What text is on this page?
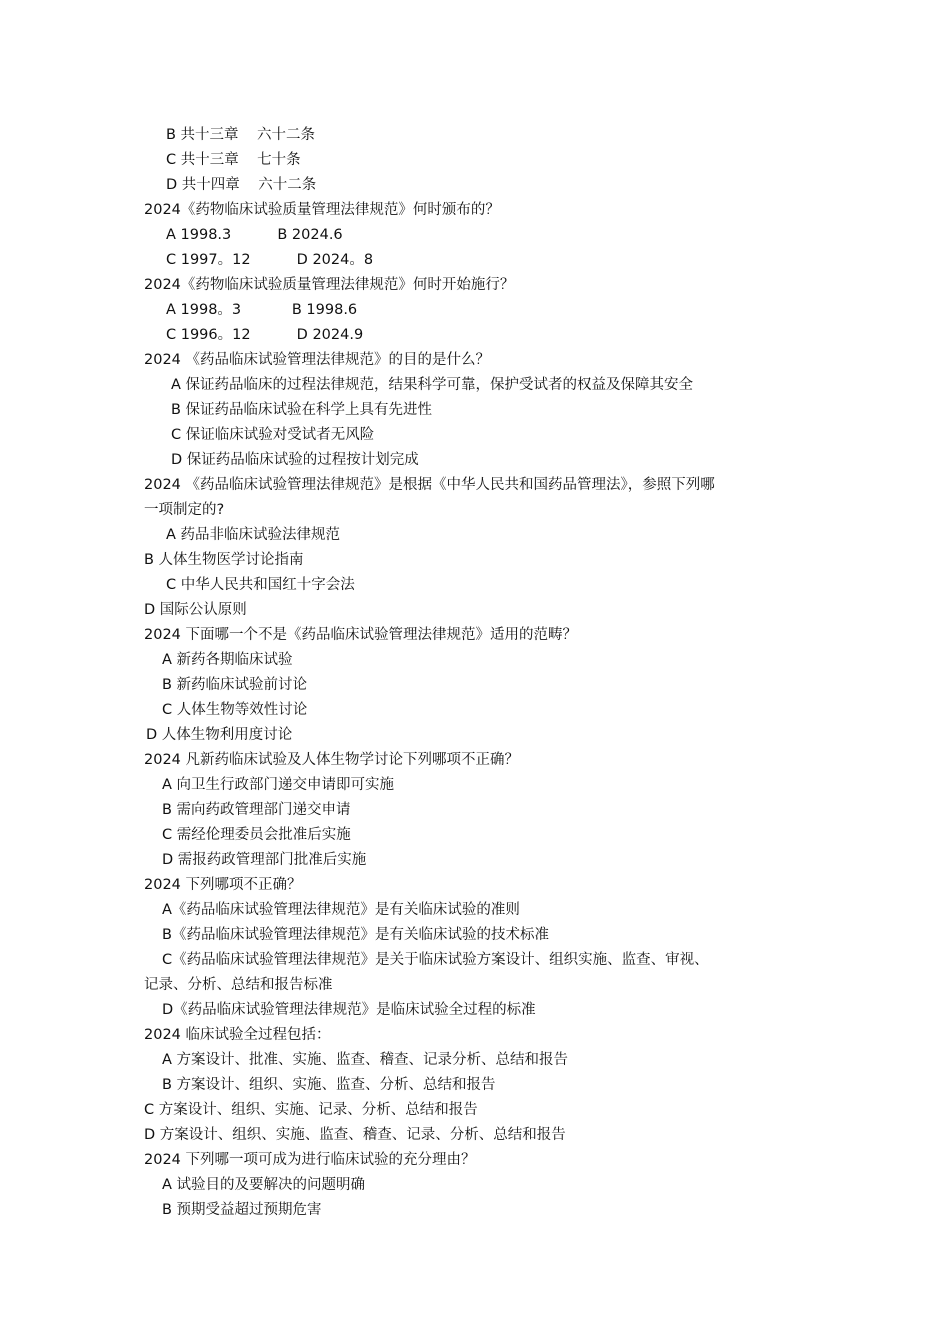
B 共十三章    六十二条
C 共十三章    七十条
D 共十四章    六十二条
2024《药物临床试验质量管理法律规范》何时颁布的？
A 1998.3          B 2024.6
C 1997。12          D 2024。8
2024《药物临床试验质量管理法律规范》何时开始施行？
A 1998。3           B 1998.6
C 1996。12          D 2024.9
2024 《药品临床试验管理法律规范》的目的是什么？
A 保证药品临床的过程法律规范，结果科学可靠，保护受试者的权益及保障其安全
B 保证药品临床试验在科学上具有先进性
C 保证临床试验对受试者无风险
D 保证药品临床试验的过程按计划完成
2024 《药品临床试验管理法律规范》是根据《中华人民共和国药品管理法》，参照下列哪
一项制定的?
A 药品非临床试验法律规范
B 人体生物医学讨论指南
C 中华人民共和国红十字会法
D 国际公认原则
2024 下面哪一个不是《药品临床试验管理法律规范》适用的范畴？
A 新药各期临床试验
B 新药临床试验前讨论
C 人体生物等效性讨论
D 人体生物利用度讨论
2024 凡新药临床试验及人体生物学讨论下列哪项不正确？
A 向卫生行政部门递交申请即可实施
B 需向药政管理部门递交申请
C 需经伦理委员会批准后实施
D 需报药政管理部门批准后实施
2024 下列哪项不正确？
A《药品临床试验管理法律规范》是有关临床试验的准则
B《药品临床试验管理法律规范》是有关临床试验的技术标准
C《药品临床试验管理法律规范》是关于临床试验方案设计、组织实施、监查、审视、
记录、分析、总结和报告标准
D《药品临床试验管理法律规范》是临床试验全过程的标准
2024 临床试验全过程包括：
A 方案设计、批准、实施、监查、稽查、记录分析、总结和报告
B 方案设计、组织、实施、监查、分析、总结和报告
C 方案设计、组织、实施、记录、分析、总结和报告
D 方案设计、组织、实施、监查、稽查、记录、分析、总结和报告
2024 下列哪一项可成为进行临床试验的充分理由？
A 试验目的及要解决的问题明确
B 预期受益超过预期危害
